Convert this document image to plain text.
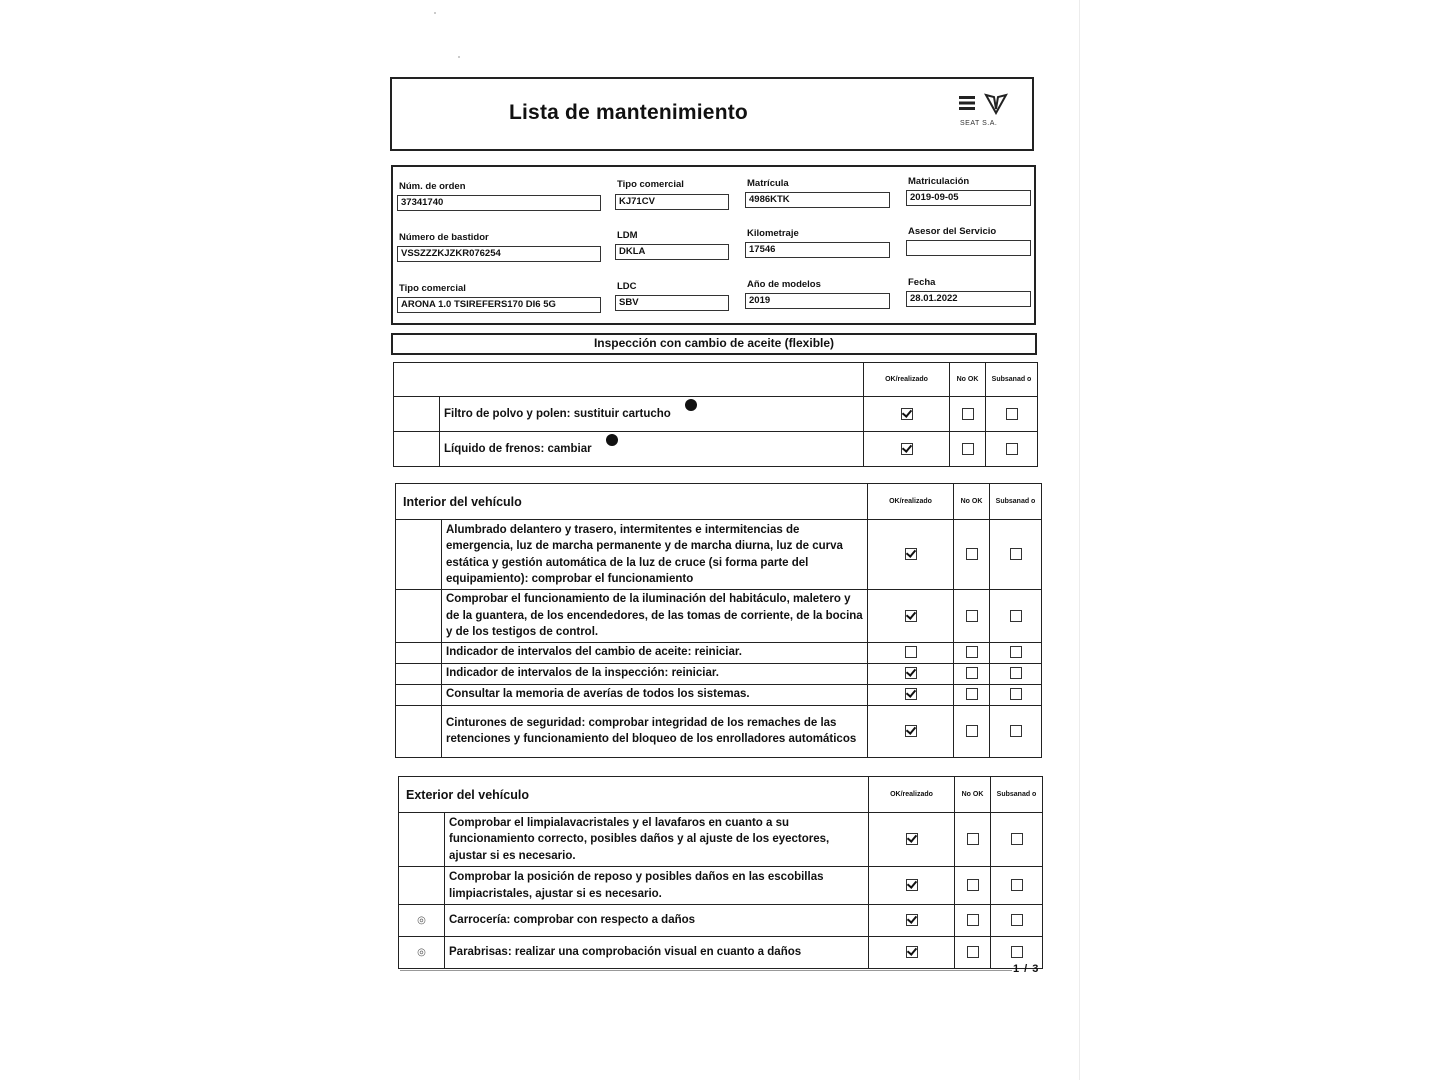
Lista de mantenimiento	SEAT S.A.
Núm. de orden
37341740
Tipo comercial
KJ71CV
Matrícula
4986KTK
Matriculación
2019-09-05
Número de bastidor
VSSZZZKJZKR076254
LDM
DKLA
Kilometraje
17546
Asesor del Servicio
Tipo comercial
ARONA 1.0 TSIREFERS170 DI6 5G
LDC
SBV
Año de modelos
2019
Fecha
28.01.2022
Inspección con cambio de aceite (flexible)
		OK/realizado	No OK	Subsanad o
	Filtro de polvo y polen: sustituir cartucho			
	Líquido de frenos: cambiar			
Interior del vehículo		OK/realizado	No OK	Subsanad o
	Alumbrado delantero y trasero, intermitentes e intermitencias de emergencia, luz de marcha permanente y de marcha diurna, luz de curva estática y gestión automática de la luz de cruce (si forma parte del equipamiento): comprobar el funcionamiento			
	Comprobar el funcionamiento de la iluminación del habitáculo, maletero y de la guantera, de los encendedores, de las tomas de corriente, de la bocina y de los testigos de control.			
	Indicador de intervalos del cambio de aceite: reiniciar.			
	Indicador de intervalos de la inspección: reiniciar.			
	Consultar la memoria de averías de todos los sistemas.			
	Cinturones de seguridad: comprobar integridad de los remaches de las retenciones y funcionamiento del bloqueo de los enrolladores automáticos			
Exterior del vehículo		OK/realizado	No OK	Subsanad o
	Comprobar el limpialavacristales y el lavafaros en cuanto a su funcionamiento correcto, posibles daños y al ajuste de los eyectores, ajustar si es necesario.			
	Comprobar la posición de reposo y posibles daños en las escobillas limpiacristales, ajustar si es necesario.			
◎	Carrocería: comprobar con respecto a daños			
◎	Parabrisas: realizar una comprobación visual en cuanto a daños			
1 / 3
